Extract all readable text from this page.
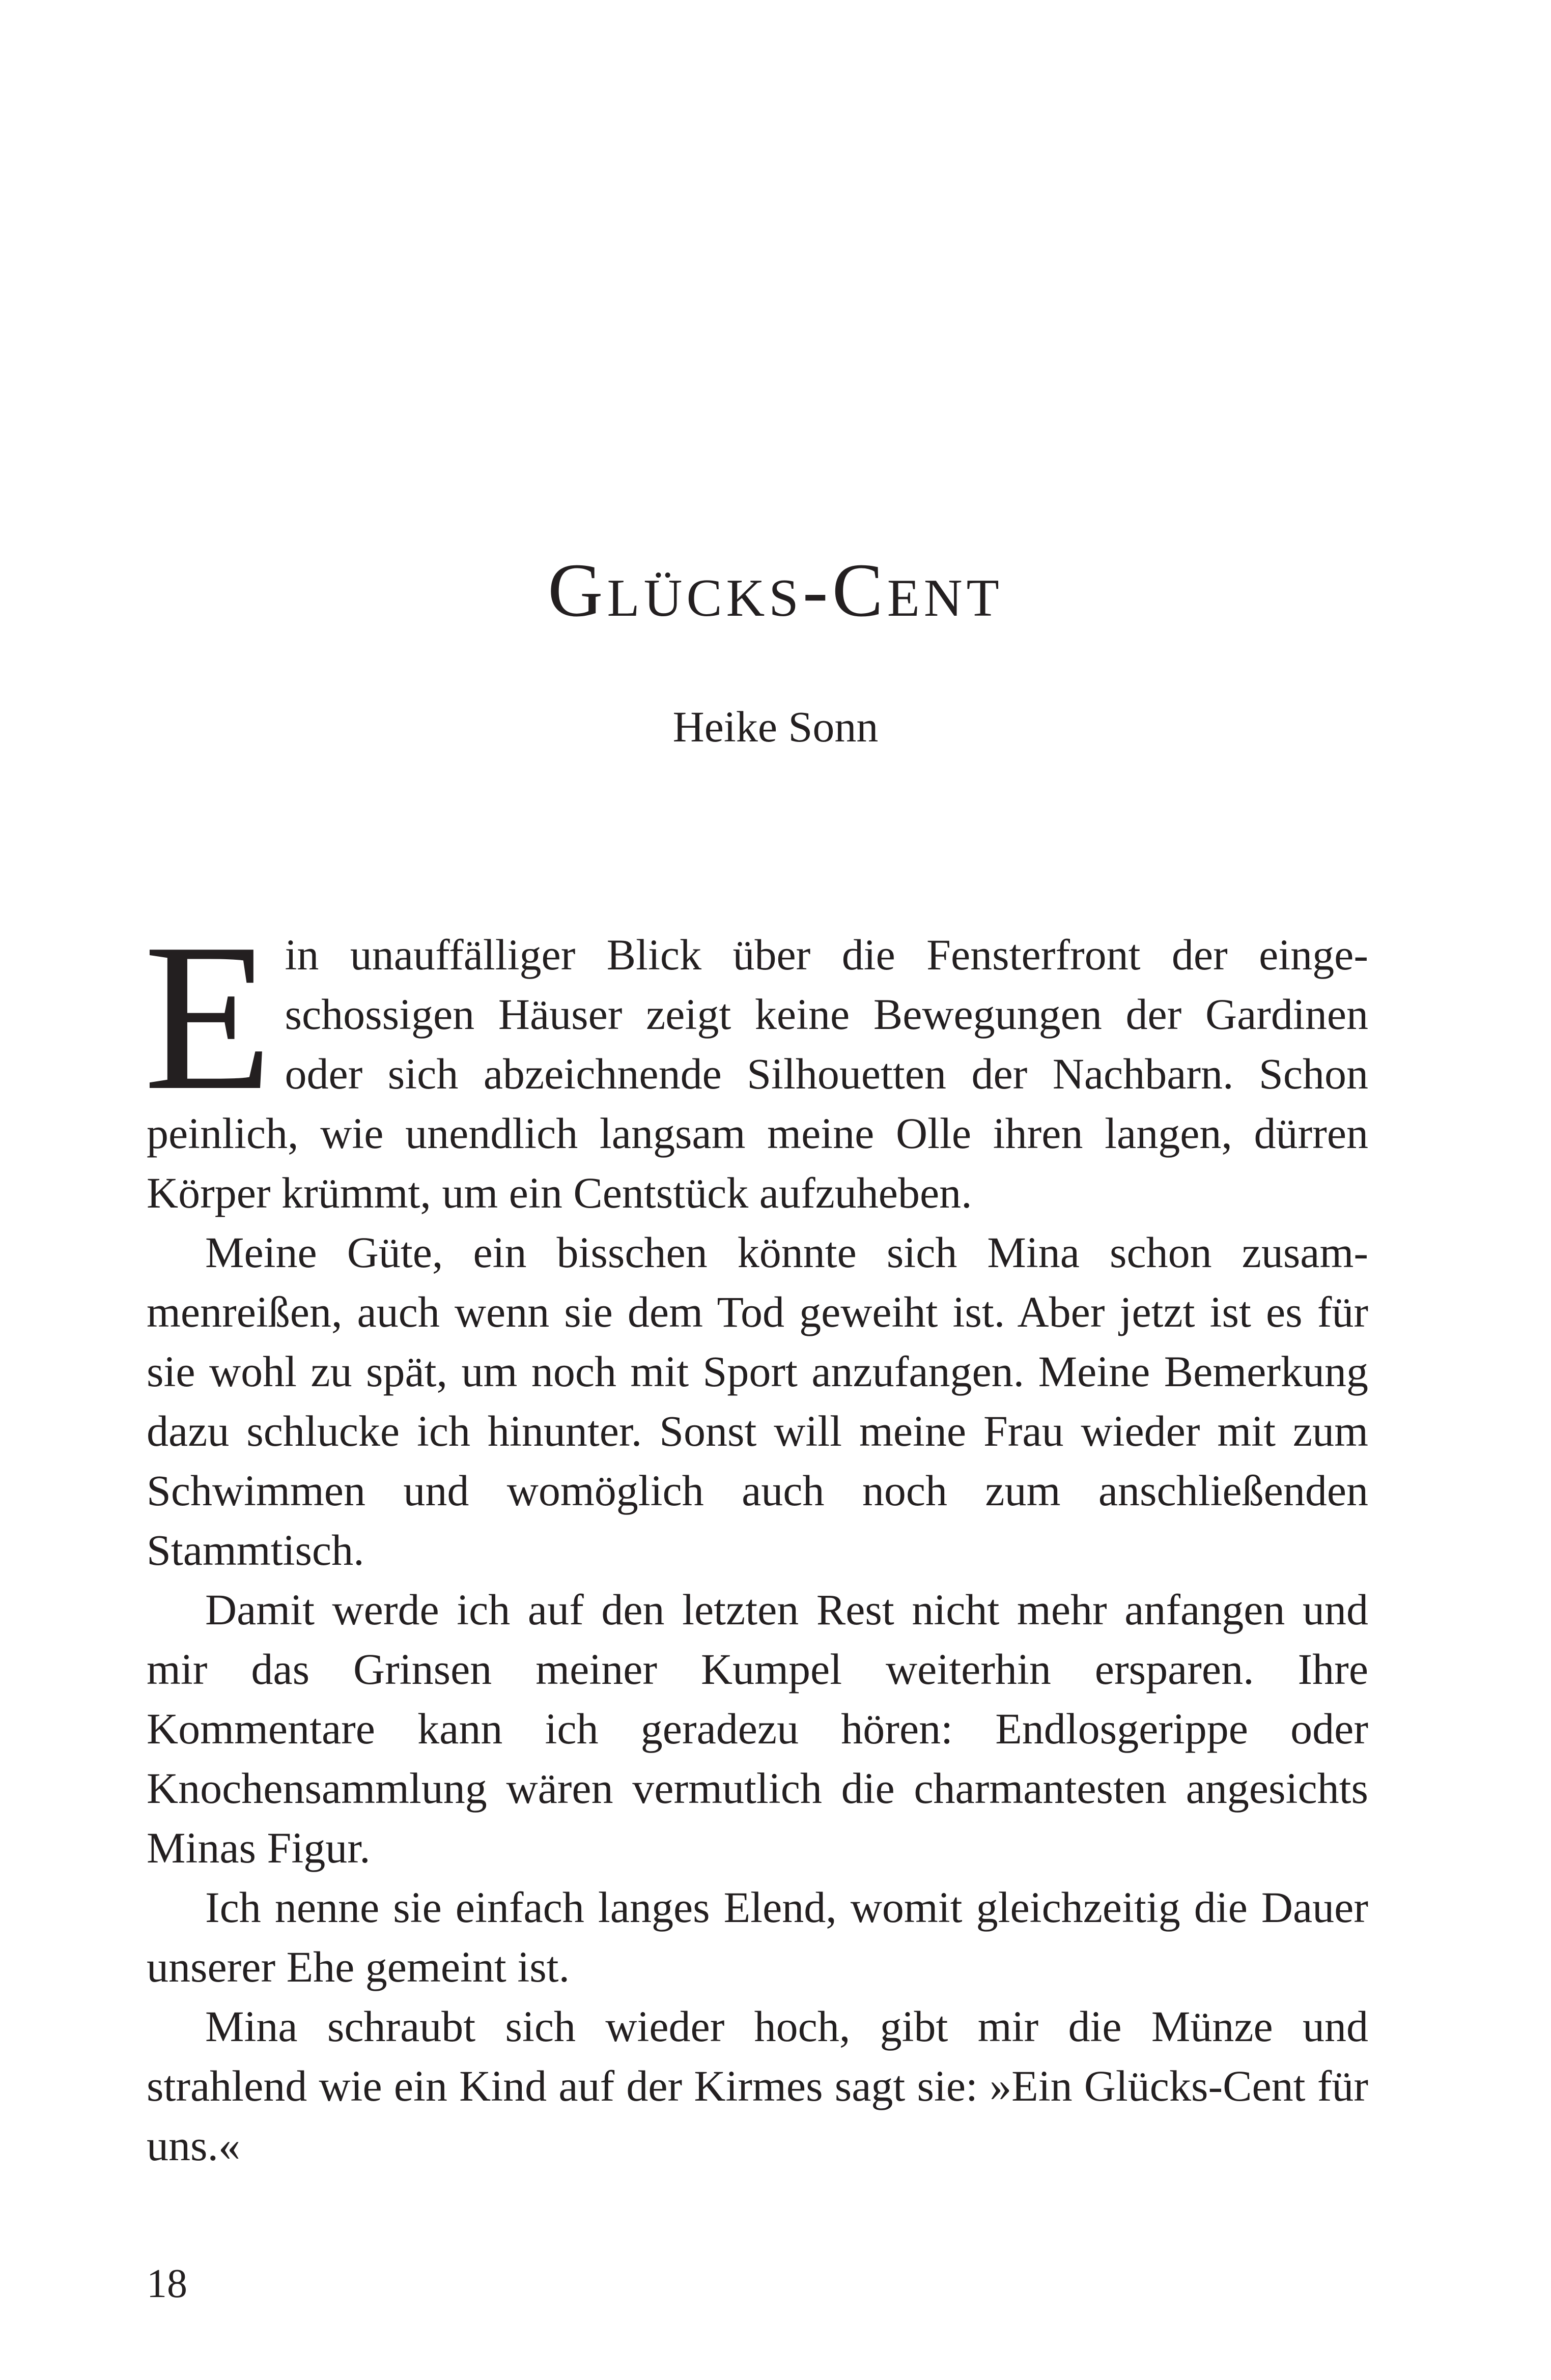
Glücks-Cent

Heike Sonn

Ein unauffälliger Blick über die Fensterfront der eingeschossigen Häuser zeigt keine Bewegungen der Gardinen oder sich abzeichnende Silhouetten der Nachbarn. Schon peinlich, wie unendlich langsam meine Olle ihren langen, dürren Körper krümmt, um ein Centstück aufzuheben.

Meine Güte, ein bisschen könnte sich Mina schon zusammenreißen, auch wenn sie dem Tod geweiht ist. Aber jetzt ist es für sie wohl zu spät, um noch mit Sport anzufangen. Meine Bemerkung dazu schlucke ich hinunter. Sonst will meine Frau wieder mit zum Schwimmen und womöglich auch noch zum anschließenden Stammtisch.

Damit werde ich auf den letzten Rest nicht mehr anfangen und mir das Grinsen meiner Kumpel weiterhin ersparen. Ihre Kommentare kann ich geradezu hören: Endlosgerippe oder Knochensammlung wären vermutlich die charmantesten angesichts Minas Figur.

Ich nenne sie einfach langes Elend, womit gleichzeitig die Dauer unserer Ehe gemeint ist.

Mina schraubt sich wieder hoch, gibt mir die Münze und strahlend wie ein Kind auf der Kirmes sagt sie: »Ein Glücks-Cent für uns.«

18
